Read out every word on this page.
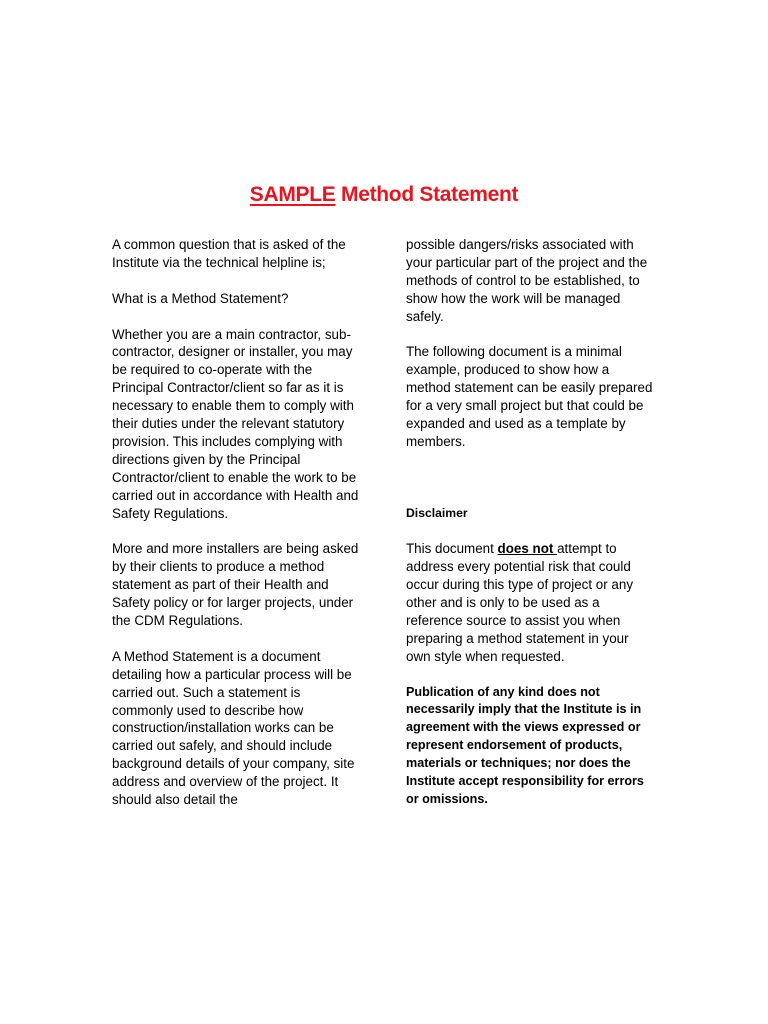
SAMPLE Method Statement

A common question that is asked of the Institute via the technical helpline is;

What is a Method Statement?

Whether you are a main contractor, sub-contractor, designer or installer, you may be required to co-operate with the Principal Contractor/client so far as it is necessary to enable them to comply with their duties under the relevant statutory provision. This includes complying with directions given by the Principal Contractor/client to enable the work to be carried out in accordance with Health and Safety Regulations.

More and more installers are being asked by their clients to produce a method statement as part of their Health and Safety policy or for larger projects, under the CDM Regulations.

A Method Statement is a document detailing how a particular process will be carried out. Such a statement is commonly used to describe how construction/installation works can be carried out safely, and should include background details of your company, site address and overview of the project. It should also detail the

possible dangers/risks associated with your particular part of the project and the methods of control to be established, to show how the work will be managed safely.

The following document is a minimal example, produced to show how a method statement can be easily prepared for a very small project but that could be expanded and used as a template by members.

Disclaimer

This document does not attempt to address every potential risk that could occur during this type of project or any other and is only to be used as a reference source to assist you when preparing a method statement in your own style when requested.

Publication of any kind does not necessarily imply that the Institute is in agreement with the views expressed or represent endorsement of products, materials or techniques; nor does the Institute accept responsibility for errors or omissions.
